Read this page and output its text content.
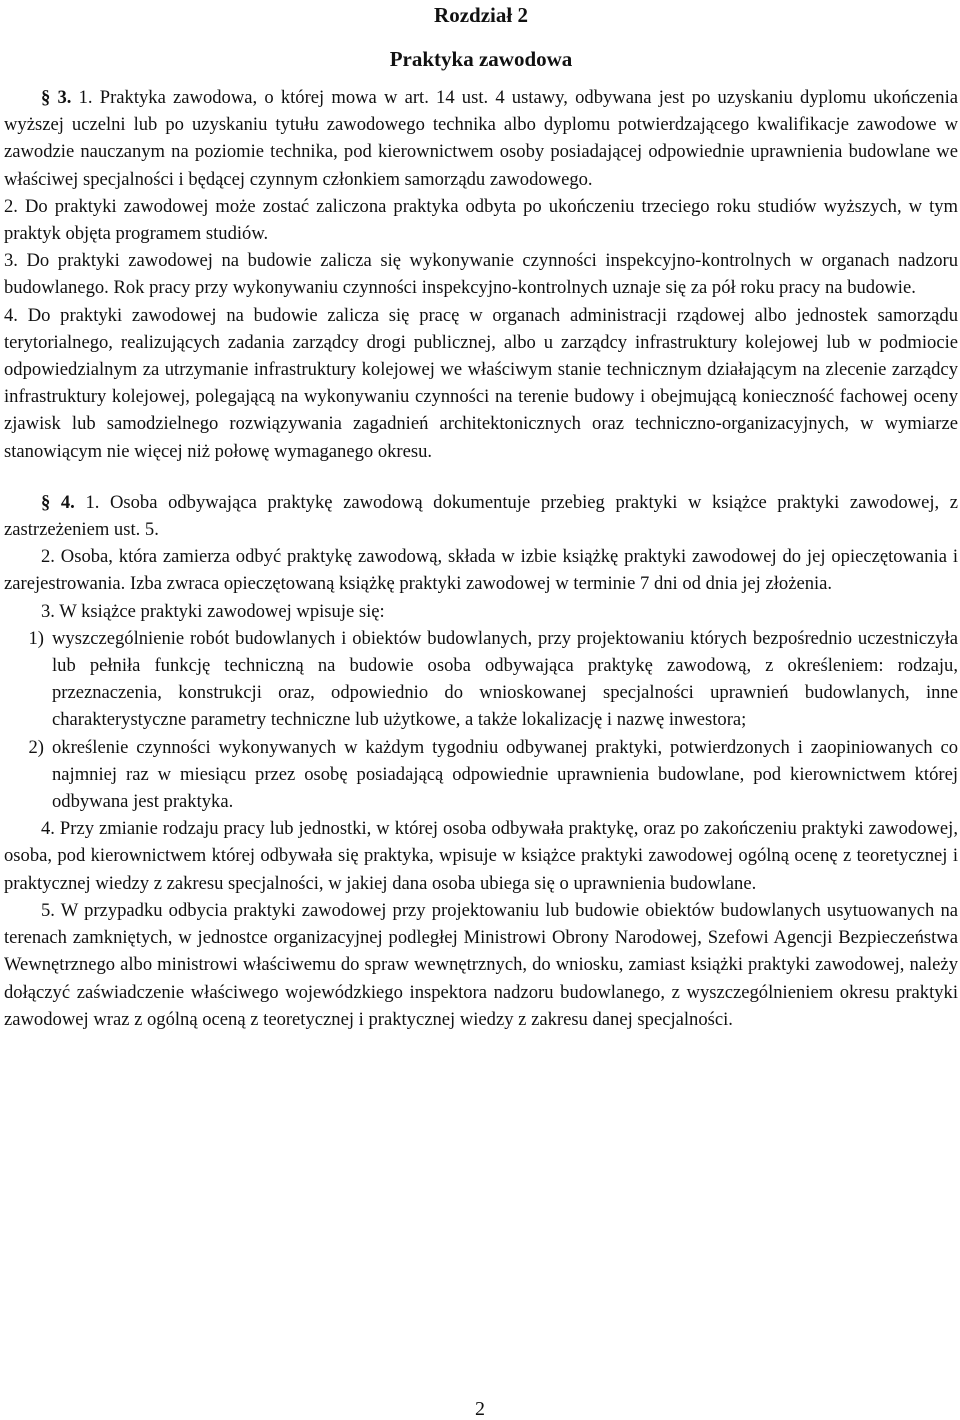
Rozdział 2
Praktyka zawodowa

§ 3. 1. Praktyka zawodowa, o której mowa w art. 14 ust. 4 ustawy, odbywana jest po uzyskaniu dyplomu ukończenia wyższej uczelni lub po uzyskaniu tytułu zawodowego technika albo dyplomu potwierdzającego kwalifikacje zawodowe w zawodzie nauczanym na poziomie technika, pod kierownictwem osoby posiadającej odpowiednie uprawnienia budowlane we właściwej specjalności i będącej czynnym członkiem samorządu zawodowego.

2. Do praktyki zawodowej może zostać zaliczona praktyka odbyta po ukończeniu trzeciego roku studiów wyższych, w tym praktyk objęta programem studiów.

3. Do praktyki zawodowej na budowie zalicza się wykonywanie czynności inspekcyjno-kontrolnych w organach nadzoru budowlanego. Rok pracy przy wykonywaniu czynności inspekcyjno-kontrolnych uznaje się za pół roku pracy na budowie.

4. Do praktyki zawodowej na budowie zalicza się pracę w organach administracji rządowej albo jednostek samorządu terytorialnego, realizujących zadania zarządcy drogi publicznej, albo u zarządcy infrastruktury kolejowej lub w podmiocie odpowiedzialnym za utrzymanie infrastruktury kolejowej we właściwym stanie technicznym działającym na zlecenie zarządcy infrastruktury kolejowej, polegającą na wykonywaniu czynności na terenie budowy i obejmującą konieczność fachowej oceny zjawisk lub samodzielnego rozwiązywania zagadnień architektonicznych oraz techniczno-organizacyjnych, w wymiarze stanowiącym nie więcej niż połowę wymaganego okresu.

§ 4. 1. Osoba odbywająca praktykę zawodową dokumentuje przebieg praktyki w książce praktyki zawodowej, z zastrzeżeniem ust. 5.

2. Osoba, która zamierza odbyć praktykę zawodową, składa w izbie książkę praktyki zawodowej do jej opieczętowania i zarejestrowania. Izba zwraca opieczętowaną książkę praktyki zawodowej w terminie 7 dni od dnia jej złożenia.

3. W książce praktyki zawodowej wpisuje się:

1) wyszczególnienie robót budowlanych i obiektów budowlanych, przy projektowaniu których bezpośrednio uczestniczyła lub pełniła funkcję techniczną na budowie osoba odbywająca praktykę zawodową, z określeniem: rodzaju, przeznaczenia, konstrukcji oraz, odpowiednio do wnioskowanej specjalności uprawnień budowlanych, inne charakterystyczne parametry techniczne lub użytkowe, a także lokalizację i nazwę inwestora;
2) określenie czynności wykonywanych w każdym tygodniu odbywanej praktyki, potwierdzonych i zaopiniowanych co najmniej raz w miesiącu przez osobę posiadającą odpowiednie uprawnienia budowlane, pod kierownictwem której odbywana jest praktyka.

4. Przy zmianie rodzaju pracy lub jednostki, w której osoba odbywała praktykę, oraz po zakończeniu praktyki zawodowej, osoba, pod kierownictwem której odbywała się praktyka, wpisuje w książce praktyki zawodowej ogólną ocenę z teoretycznej i praktycznej wiedzy z zakresu specjalności, w jakiej dana osoba ubiega się o uprawnienia budowlane.

5. W przypadku odbycia praktyki zawodowej przy projektowaniu lub budowie obiektów budowlanych usytuowanych na terenach zamkniętych, w jednostce organizacyjnej podległej Ministrowi Obrony Narodowej, Szefowi Agencji Bezpieczeństwa Wewnętrznego albo ministrowi właściwemu do spraw wewnętrznych, do wniosku, zamiast książki praktyki zawodowej, należy dołączyć zaświadczenie właściwego wojewódzkiego inspektora nadzoru budowlanego, z wyszczególnieniem okresu praktyki zawodowej wraz z ogólną oceną z teoretycznej i praktycznej wiedzy z zakresu danej specjalności.

2
